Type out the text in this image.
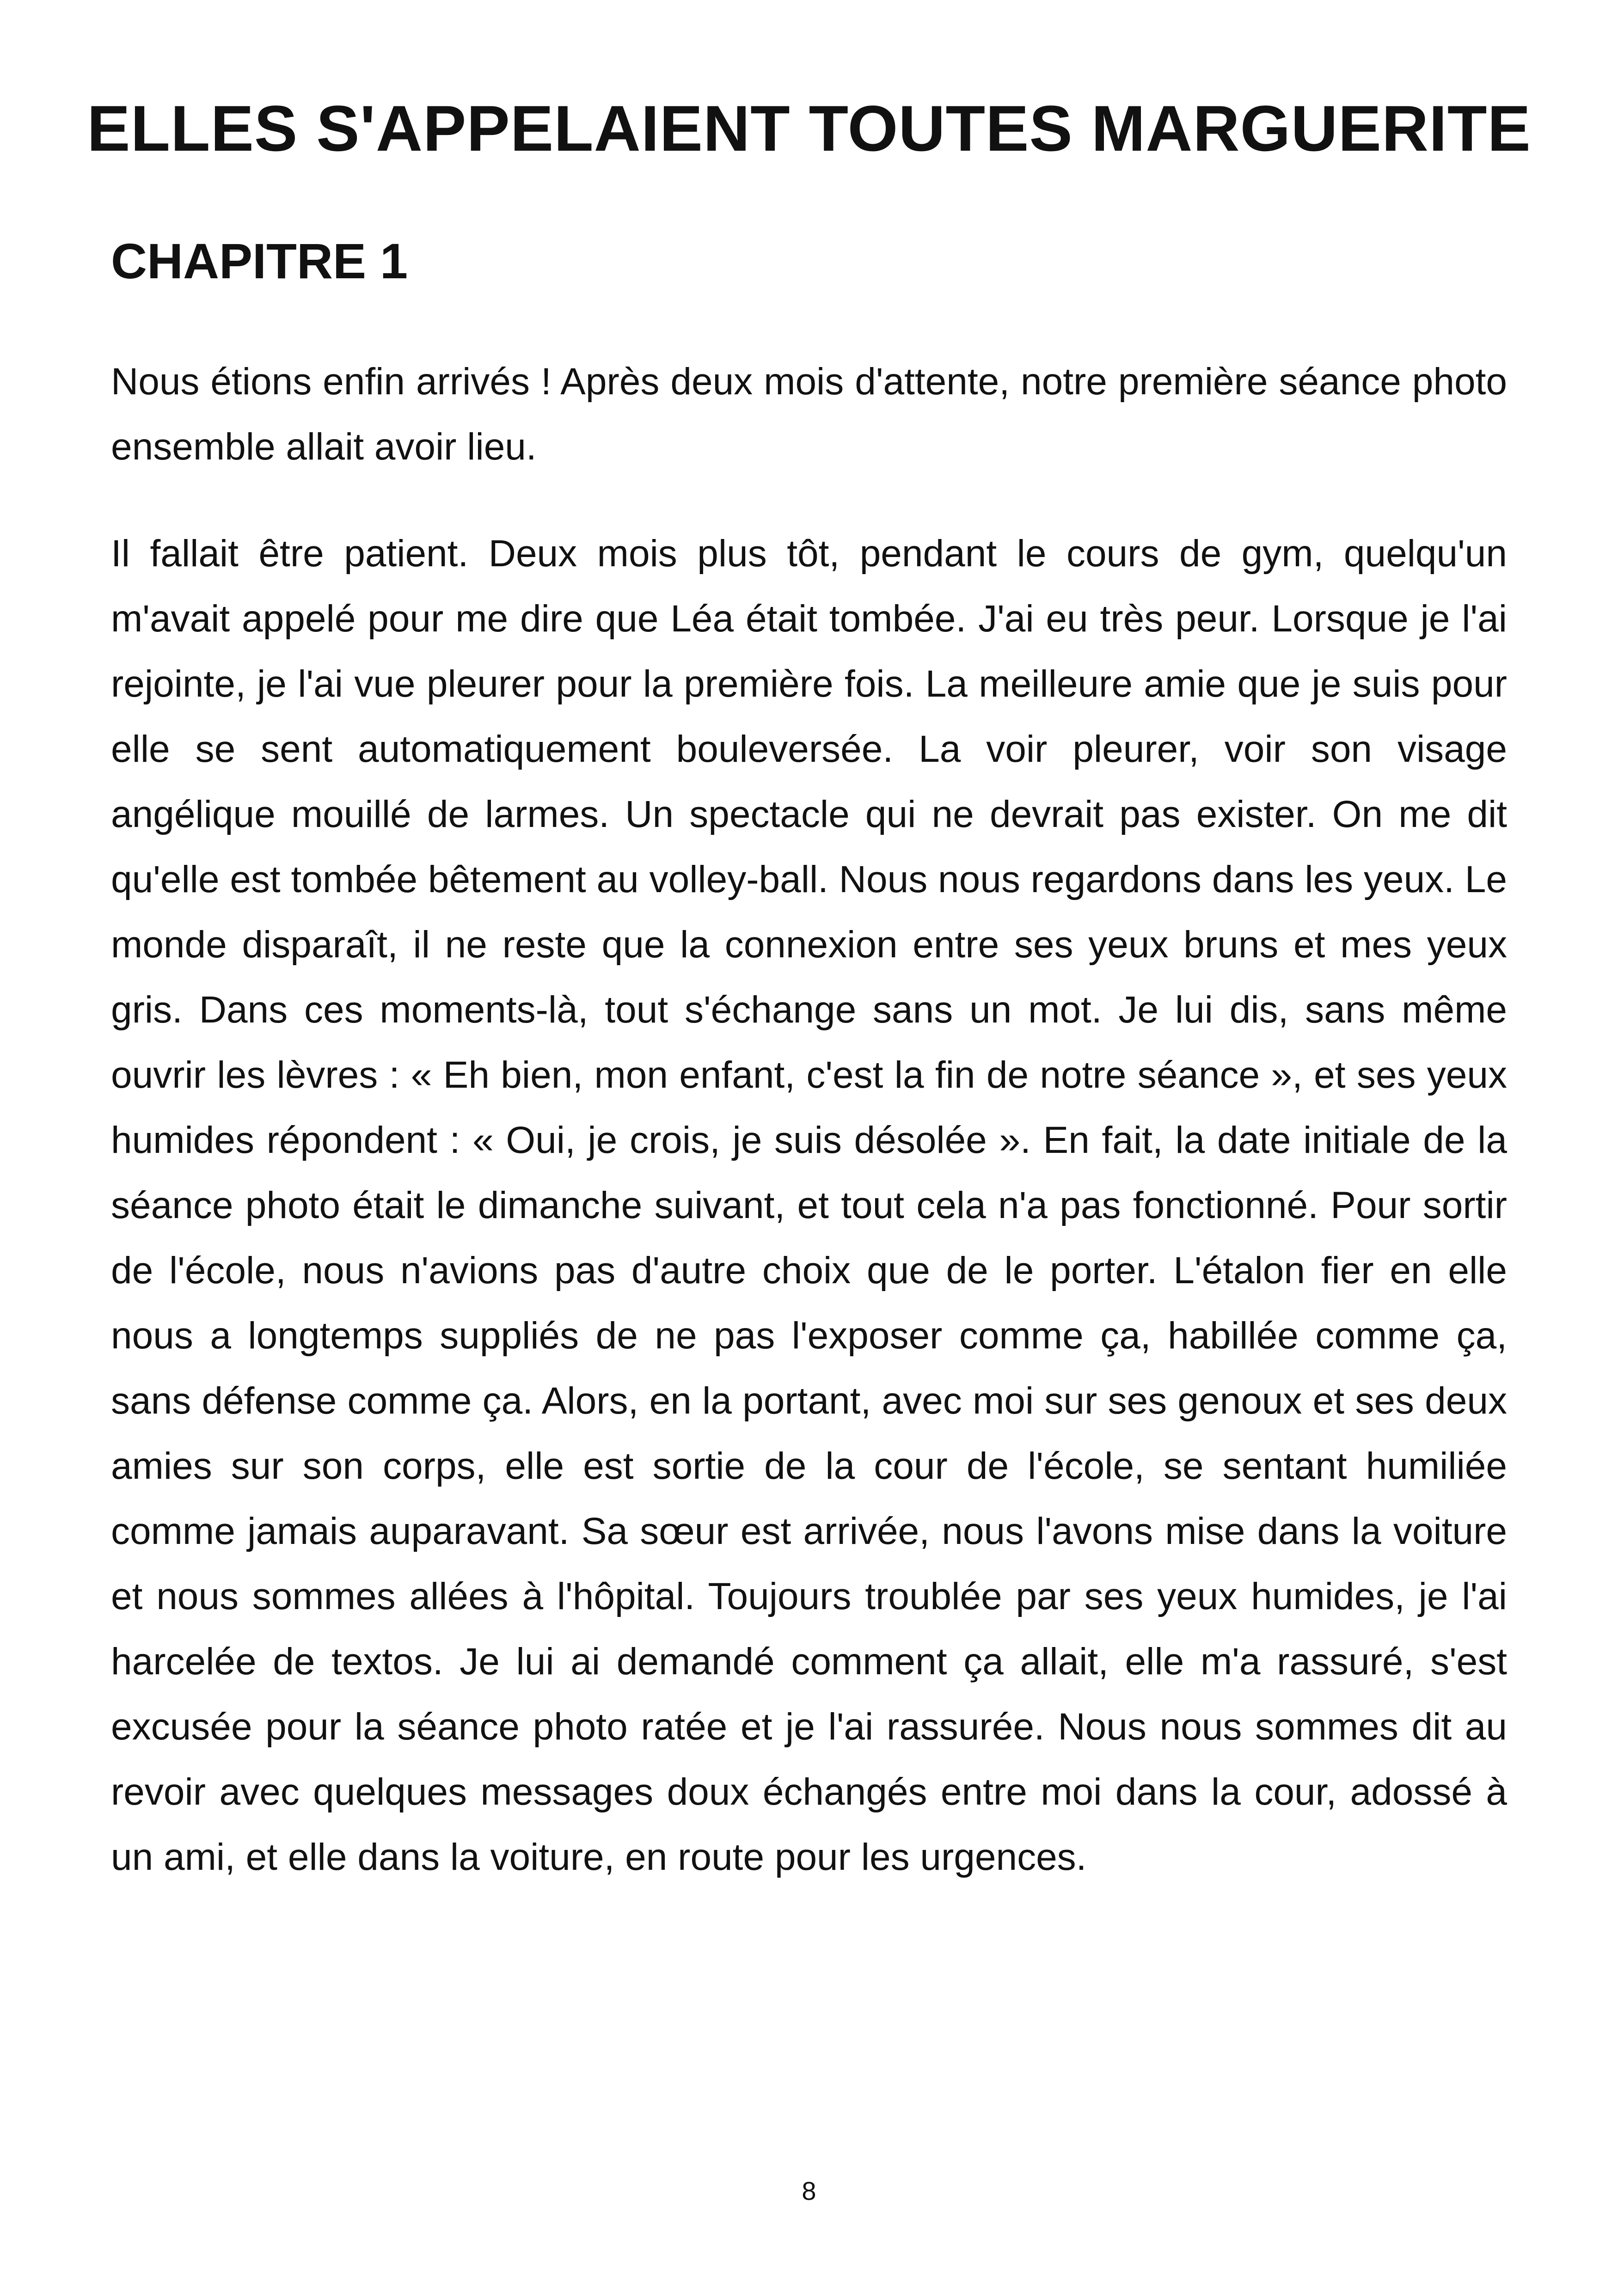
ELLES S'APPELAIENT TOUTES MARGUERITE
CHAPITRE 1

Nous étions enfin arrivés ! Après deux mois d'attente, notre première séance photo ensemble allait avoir lieu.

Il fallait être patient. Deux mois plus tôt, pendant le cours de gym, quelqu'un m'avait appelé pour me dire que Léa était tombée. J'ai eu très peur. Lorsque je l'ai rejointe, je l'ai vue pleurer pour la première fois. La meilleure amie que je suis pour elle se sent automatiquement bouleversée. La voir pleurer, voir son visage angélique mouillé de larmes. Un spectacle qui ne devrait pas exister. On me dit qu'elle est tombée bêtement au volley-ball. Nous nous regardons dans les yeux. Le monde disparaît, il ne reste que la connexion entre ses yeux bruns et mes yeux gris. Dans ces moments-là, tout s'échange sans un mot. Je lui dis, sans même ouvrir les lèvres : « Eh bien, mon enfant, c'est la fin de notre séance », et ses yeux humides répondent : « Oui, je crois, je suis désolée ». En fait, la date initiale de la séance photo était le dimanche suivant, et tout cela n'a pas fonctionné. Pour sortir de l'école, nous n'avions pas d'autre choix que de le porter. L'étalon fier en elle nous a longtemps suppliés de ne pas l'exposer comme ça, habillée comme ça, sans défense comme ça. Alors, en la portant, avec moi sur ses genoux et ses deux amies sur son corps, elle est sortie de la cour de l'école, se sentant humiliée comme jamais auparavant. Sa sœur est arrivée, nous l'avons mise dans la voiture et nous sommes allées à l'hôpital. Toujours troublée par ses yeux humides, je l'ai harcelée de textos. Je lui ai demandé comment ça allait, elle m'a rassuré, s'est excusée pour la séance photo ratée et je l'ai rassurée. Nous nous sommes dit au revoir avec quelques messages doux échangés entre moi dans la cour, adossé à un ami, et elle dans la voiture, en route pour les urgences.

8
